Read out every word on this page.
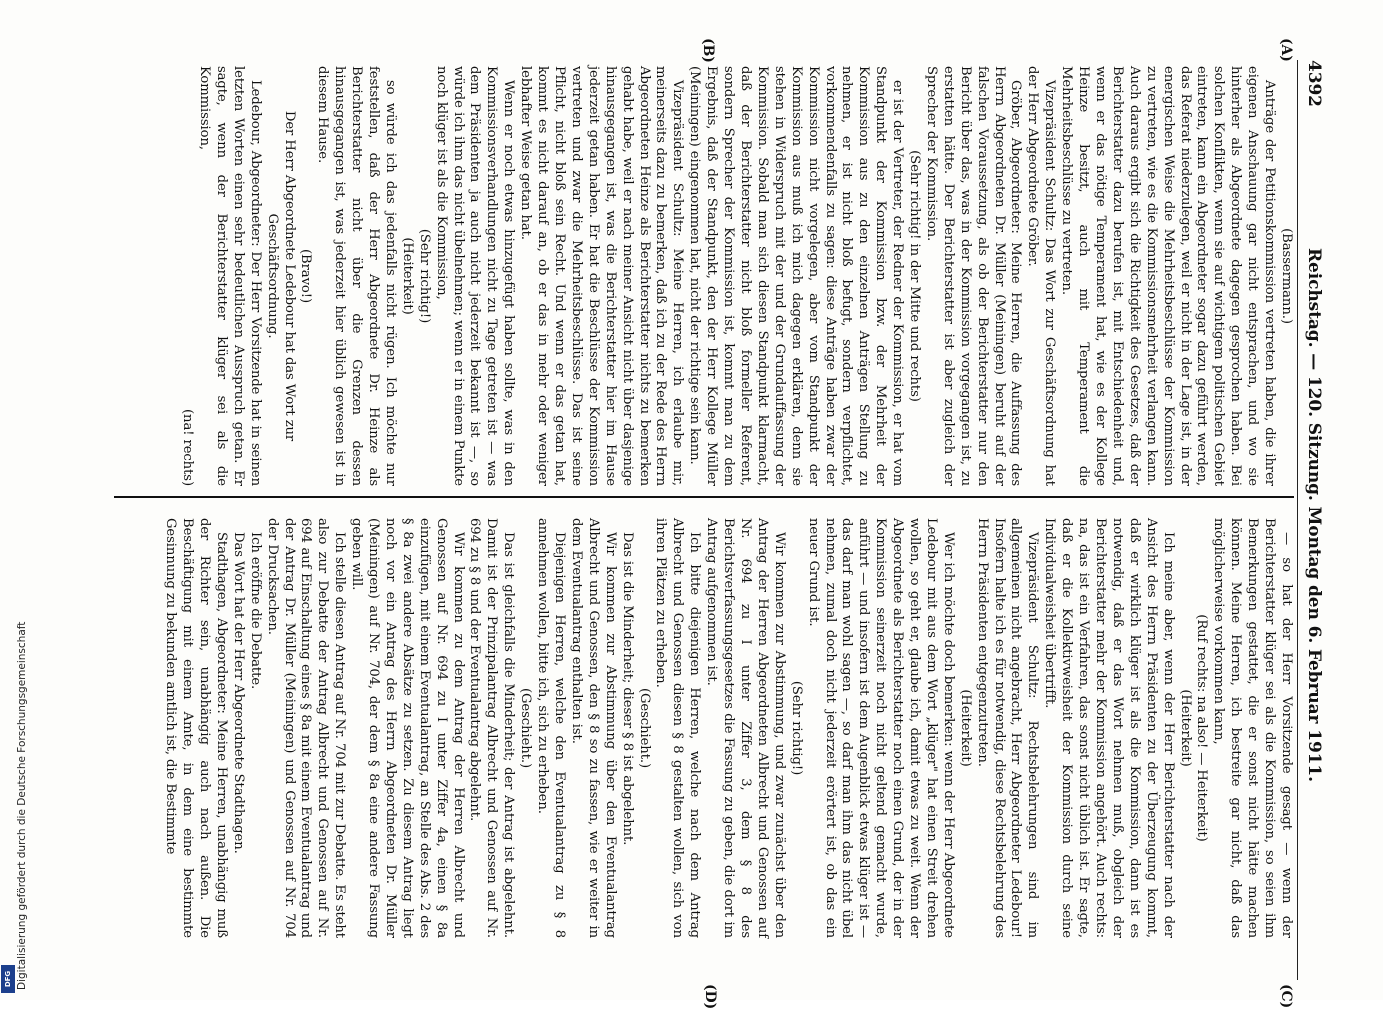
4392
Reichstag. — 120. Sitzung. Montag den 6. Februar 1911.
(A)
(B)
(C)
(D)

(Bassermann.)

Anträge der Petitionskommission vertreten haben, die ihrer eigenen Anschauung gar nicht entsprachen, und wo sie hinterher als Abgeordnete dagegen gesprochen haben. Bei solchen Konflikten, wenn sie auf wichtigem politischen Gebiet eintreten, kann ein Abgeordneter sogar dazu geführt werden, das Referat niederzulegen, weil er nicht in der Lage ist, in der energischen Weise die Mehrheitsbeschlüsse der Kommission zu vertreten, wie es die Kommissionsmehrheit verlangen kann. Auch daraus ergibt sich die Richtigkeit des Gesetzes, daß der Berichterstatter dazu berufen ist, mit Entschiedenheit und, wenn er das nötige Temperament hat, wie es der Kollege Heinze besitzt, auch mit Temperament die Mehrheitsbeschlüsse zu vertreten.

Vizepräsident Schultz: Das Wort zur Geschäftsordnung hat der Herr Abgeordnete Gröber.

Gröber, Abgeordneter: Meine Herren, die Auffassung des Herrn Abgeordneten Dr. Müller (Meiningen) beruht auf der falschen Voraussetzung, als ob der Berichterstatter nur den Bericht über das, was in der Kommission vorgegangen ist, zu erstatten hätte. Der Berichterstatter ist aber zugleich der Sprecher der Kommission.

(Sehr richtig! in der Mitte und rechts)

er ist der Vertreter, der Redner der Kommission, er hat vom Standpunkt der Kommission bzw. der Mehrheit der Kommission aus zu den einzelnen Anträgen Stellung zu nehmen, er ist nicht bloß befugt, sondern verpflichtet, vorkommendenfalls zu sagen: diese Anträge haben zwar der Kommission nicht vorgelegen, aber vom Standpunkt der Kommission aus muß ich mich dagegen erklären, denn sie stehen in Widerspruch mit der und der Grundauffassung der Kommission. Sobald man sich diesen Standpunkt klarmacht, daß der Berichterstatter nicht bloß formeller Referent, sondern Sprecher der Kommission ist, kommt man zu dem Ergebnis, daß der Standpunkt, den der Herr Kollege Müller (Meiningen) eingenommen hat, nicht der richtige sein kann.

Vizepräsident Schultz: Meine Herren, ich erlaube mir, meinerseits dazu zu bemerken, daß ich zu der Rede des Herrn Abgeordneten Heinze als Berichterstatter nichts zu bemerken gehabt habe, weil er nach meiner Ansicht nicht über dasjenige hinausgegangen ist, was die Berichterstatter hier im Hause jederzeit getan haben. Er hat die Beschlüsse der Kommission vertreten und zwar die Mehrheitsbeschlüsse. Das ist seine Pflicht, nicht bloß sein Recht. Und wenn er das getan hat, kommt es nicht darauf an, ob er das in mehr oder weniger lebhafter Weise getan hat.

Wenn er noch etwas hinzugefügt haben sollte, was in den Kommissionsverhandlungen nicht zu Tage getreten ist — was dem Präsidenten ja auch nicht jederzeit bekannt ist —, so würde ich ihm das nicht übelnehmen; wenn er in einem Punkte noch klüger ist als die Kommission,

(Sehr richtig!)

(Heiterkeit)

so würde ich das jedenfalls nicht rügen. Ich möchte nur feststellen, daß der Herr Abgeordnete Dr. Heinze als Berichterstatter nicht über die Grenzen dessen hinausgegangen ist, was jederzeit hier üblich gewesen ist in diesem Hause.

(Bravo!)

Der Herr Abgeordnete Ledebour hat das Wort zur Geschäftsordnung.

Ledebour, Abgeordneter: Der Herr Vorsitzende hat in seinen letzten Worten einen sehr bedeutlichen Ausspruch getan. Er sagte, wenn der Berichterstatter klüger sei als die Kommission,

(na! rechts)

— so hat der Herr Vorsitzende gesagt — wenn der Berichterstatter klüger sei als die Kommission, so seien ihm Bemerkungen gestattet, die er sonst nicht hätte machen können. Meine Herren, ich bestreite gar nicht, daß das möglicherweise vorkommen kann,

(Ruf rechts: na also! — Heiterkeit)

(Heiterkeit)

Ich meine aber, wenn der Herr Berichterstatter nach der Ansicht des Herrn Präsidenten zu der Überzeugung kommt, daß er wirklich klüger ist als die Kommission, dann ist es notwendig, daß er das Wort nehmen muß, obgleich der Berichterstatter mehr der Kommission angehört. Auch rechts: na, das ist ein Verfahren, das sonst nicht üblich ist. Er sagte, daß er die Kollektivweisheit der Kommission durch seine Individualweisheit übertrifft.

Vizepräsident Schultz: Rechtsbelehrungen sind im allgemeinen nicht angebracht, Herr Abgeordneter Ledebour! Insofern halte ich es für notwendig, diese Rechtsbelehrung des Herrn Präsidenten entgegenzutreten.

(Heiterkeit)

Wer ich möchte doch bemerken: wenn der Herr Abgeordnete Ledebour mit aus dem Wort „klüger" hat einen Streit drehen wollen, so geht er, glaube ich, damit etwas zu weit. Wenn der Abgeordnete als Berichterstatter noch einen Grund, der in der Kommission seinerzeit noch nicht geltend gemacht wurde, anführt — und insofern ist dem Augenblick etwas klüger ist — das darf man wohl sagen —, so darf man ihm das nicht übel nehmen, zumal doch nicht jederzeit erörtert ist, ob das ein neuer Grund ist.

(Sehr richtig!)

Wir kommen zur Abstimmung, und zwar zunächst über den Antrag der Herren Abgeordneten Albrecht und Genossen auf Nr. 694 zu I unter Ziffer 3, dem § 8 des Berichtsverfassungsgesetzes die Fassung zu geben, die dort im Antrag aufgenommen ist.

Ich bitte diejenigen Herren, welche nach dem Antrag Albrecht und Genossen diesen § 8 gestalten wollen, sich von ihren Plätzen zu erheben.

(Geschieht.)

Das ist die Minderheit; dieser § 8 ist abgelehnt.

Wir kommen zur Abstimmung über den Eventualantrag Albrecht und Genossen, den § 8 so zu fassen, wie er weiter in dem Eventualantrag enthalten ist.

Diejenigen Herren, welche den Eventualantrag zu § 8 annehmen wollen, bitte ich, sich zu erheben.

(Geschieht.)

Das ist gleichfalls die Minderheit; der Antrag ist abgelehnt. Damit ist der Prinzipalantrag Albrecht und Genossen auf Nr. 694 zu § 8 und der Eventualantrag abgelehnt.

Wir kommen zu dem Antrag der Herren Albrecht und Genossen auf Nr. 694 zu I unter Ziffer 4a, einen § 8a einzufügen, mit einem Eventualantrag, an Stelle des Abs. 2 des § 8a zwei andere Absätze zu setzen. Zu diesem Antrag liegt noch vor ein Antrag des Herrn Abgeordneten Dr. Müller (Meiningen) auf Nr. 704, der dem § 8a eine andere Fassung geben will.

Ich stelle diesen Antrag auf Nr. 704 mit zur Debatte. Es steht also zur Debatte der Antrag Albrecht und Genossen auf Nr. 694 auf Einschaltung eines § 8a mit einem Eventualantrag und der Antrag Dr. Müller (Meiningen) und Genossen auf Nr. 704 der Drucksachen.

Ich eröffne die Debatte.

Das Wort hat der Herr Abgeordnete Stadthagen.

Stadthagen, Abgeordneter: Meine Herren, unabhängig muß der Richter sein, unabhängig auch nach außen. Die Beschäftigung mit einem Amte, in dem eine bestimmte Gesinnung zu bekunden amtlich ist, die Bestimmte

Digitalisierung gefördert durch die Deutsche Forschungsgemeinschaft
DFG
